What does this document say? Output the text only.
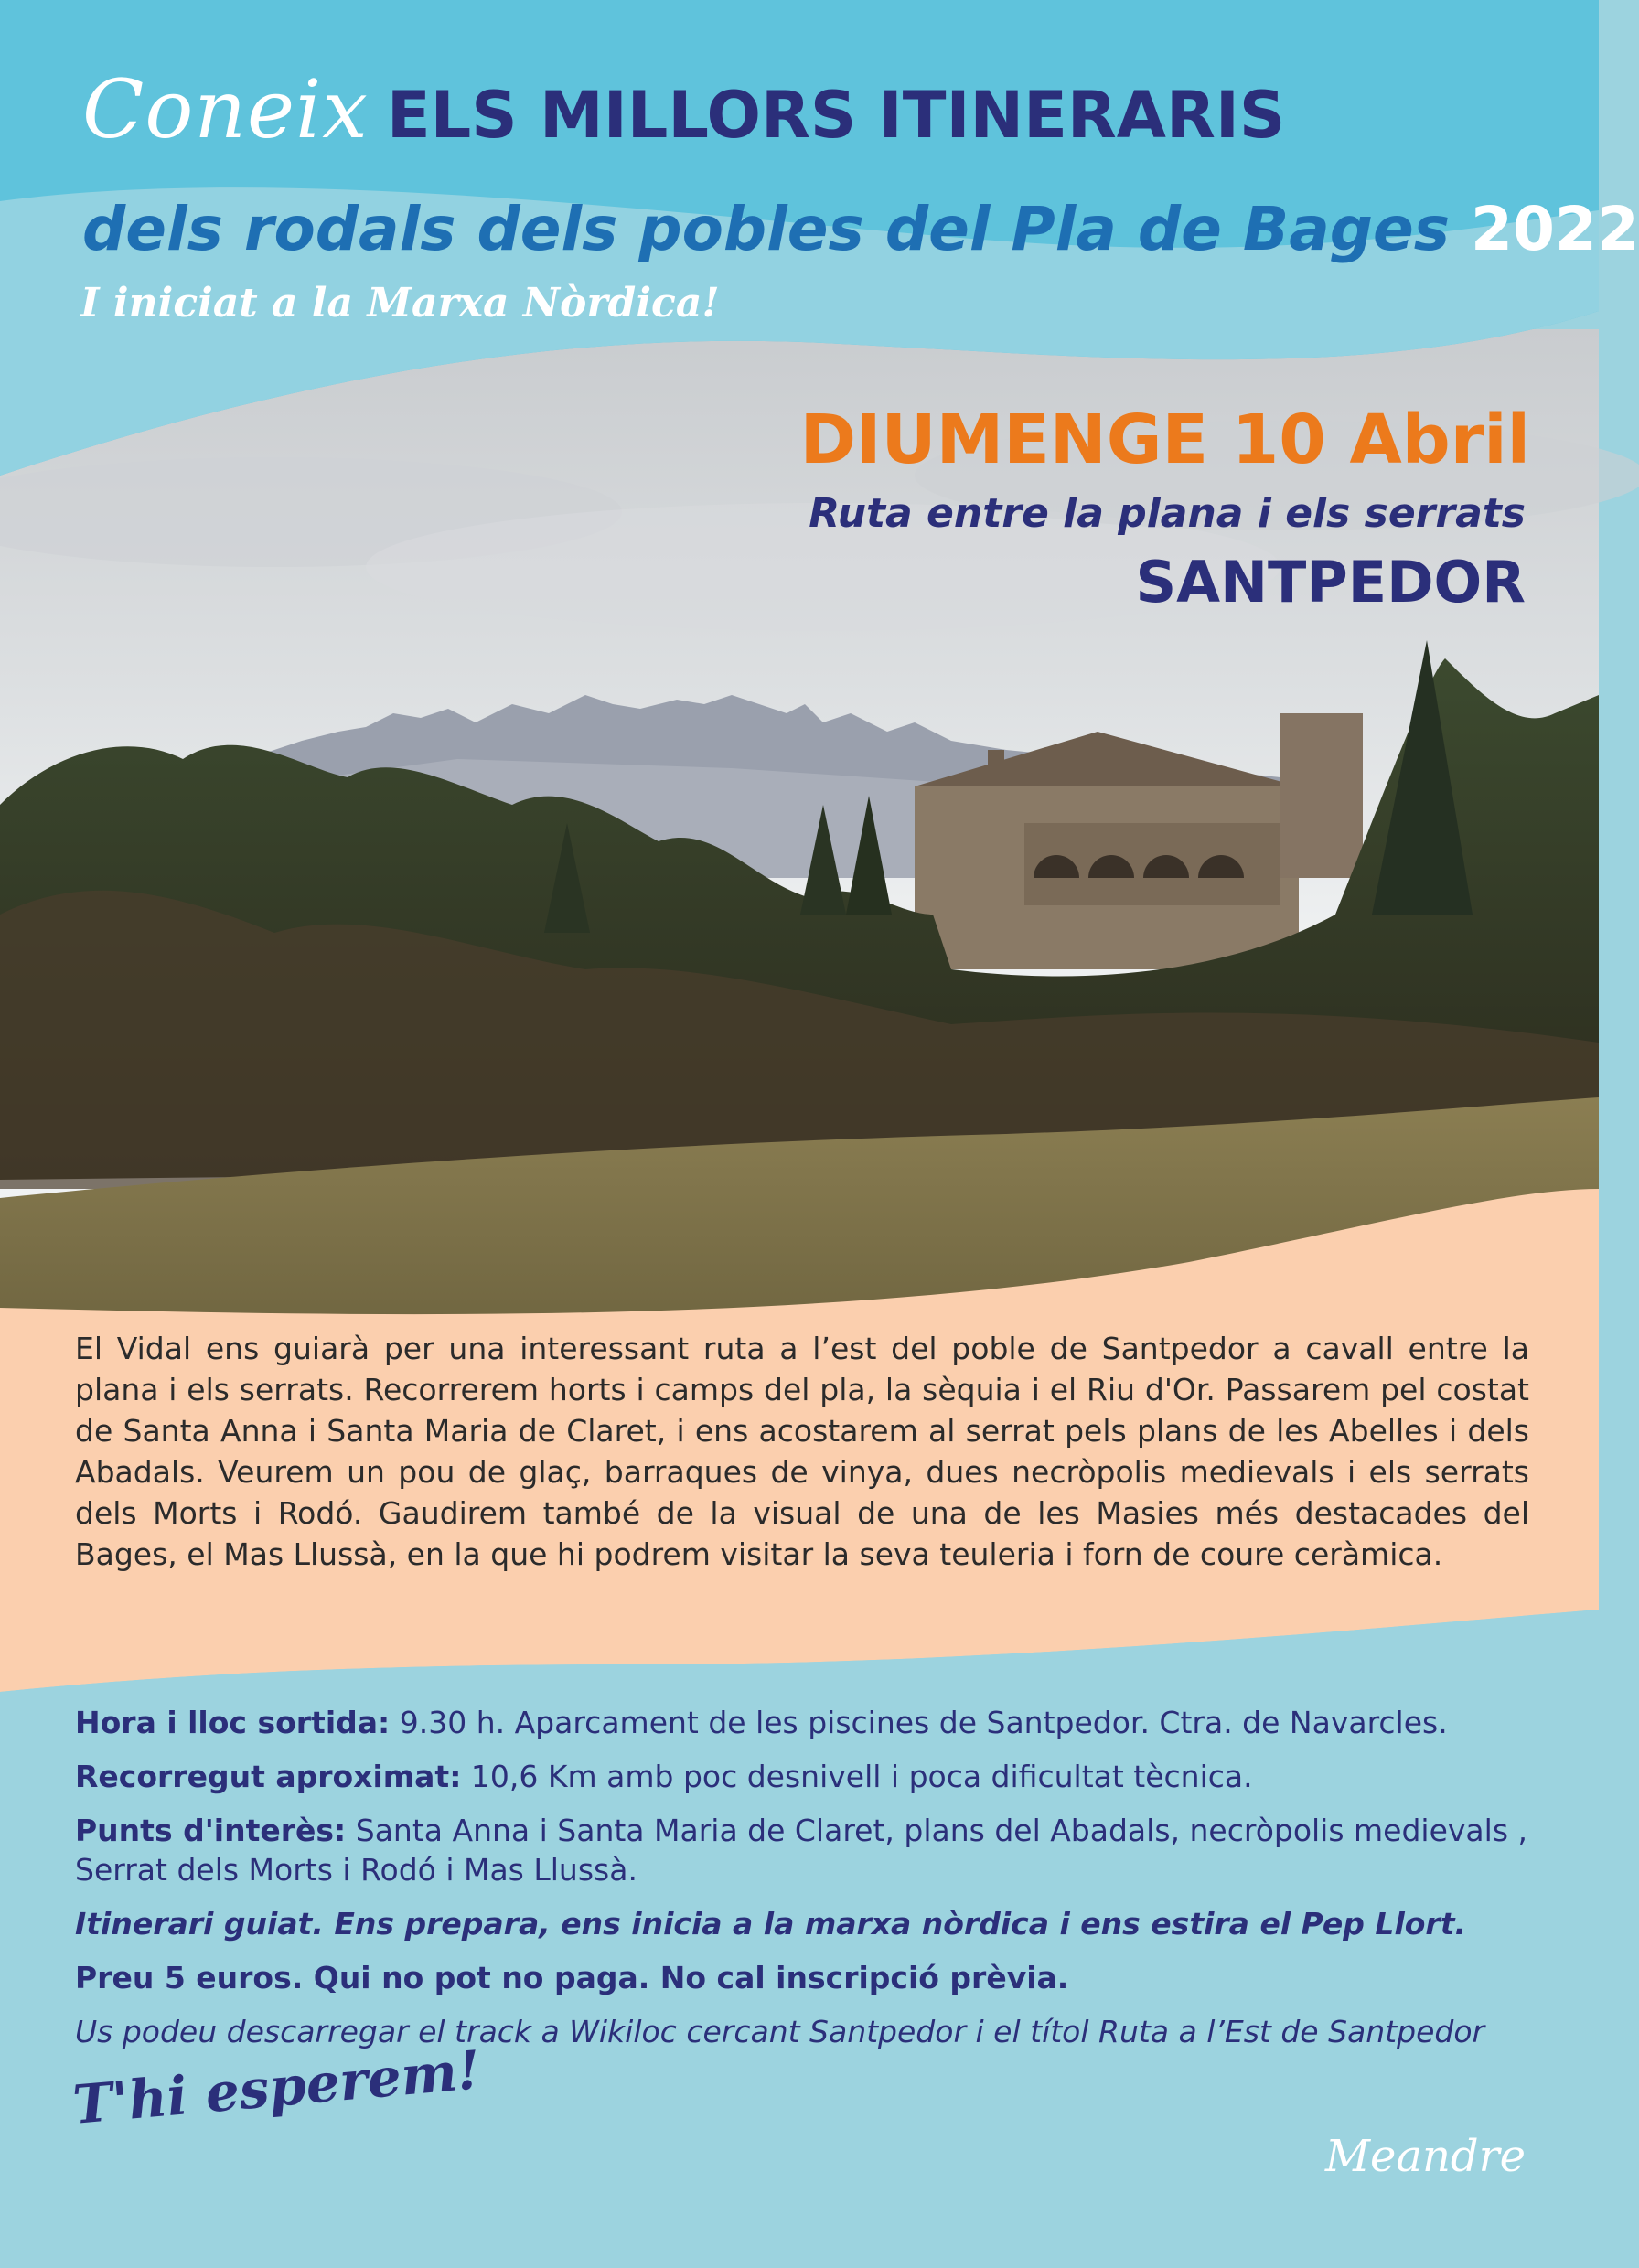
Coneix ELS MILLORS ITINERARIS
dels rodals dels pobles del Pla de Bages 2022
I iniciat a la Marxa Nòrdica!
DIUMENGE 10 Abril
Ruta entre la plana i els serrats
SANTPEDOR

El Vidal ens guiarà per una interessant ruta a l’est del poble de Santpedor a cavall entre la plana i els serrats. Recorrerem horts i camps del pla, la sèquia i el Riu d'Or. Passarem pel costat de Santa Anna i Santa Maria de Claret, i ens acostarem al serrat pels plans de les Abelles i dels Abadals. Veurem un pou de glaç, barraques de vinya, dues necròpolis medievals i els serrats dels Morts i Rodó. Gaudirem també de la visual de una de les Masies més destacades del Bages, el Mas Llussà, en la que hi podrem visitar la seva teuleria i forn de coure ceràmica.

Hora i lloc sortida: 9.30 h. Aparcament de les piscines de Santpedor. Ctra. de Navarcles.

Recorregut aproximat: 10,6 Km amb poc desnivell i poca dificultat tècnica.

Punts d'interès: Santa Anna i Santa Maria de Claret, plans del Abadals, necròpolis medievals , Serrat dels Morts i Rodó i Mas Llussà.

Itinerari guiat. Ens prepara, ens inicia a la marxa nòrdica i ens estira el Pep Llort.

Preu 5 euros. Qui no pot no paga. No cal inscripció prèvia.

Us podeu descarregar el track a Wikiloc cercant Santpedor i el títol Ruta a l’Est de Santpedor

T'hi esperem!
Meandre
